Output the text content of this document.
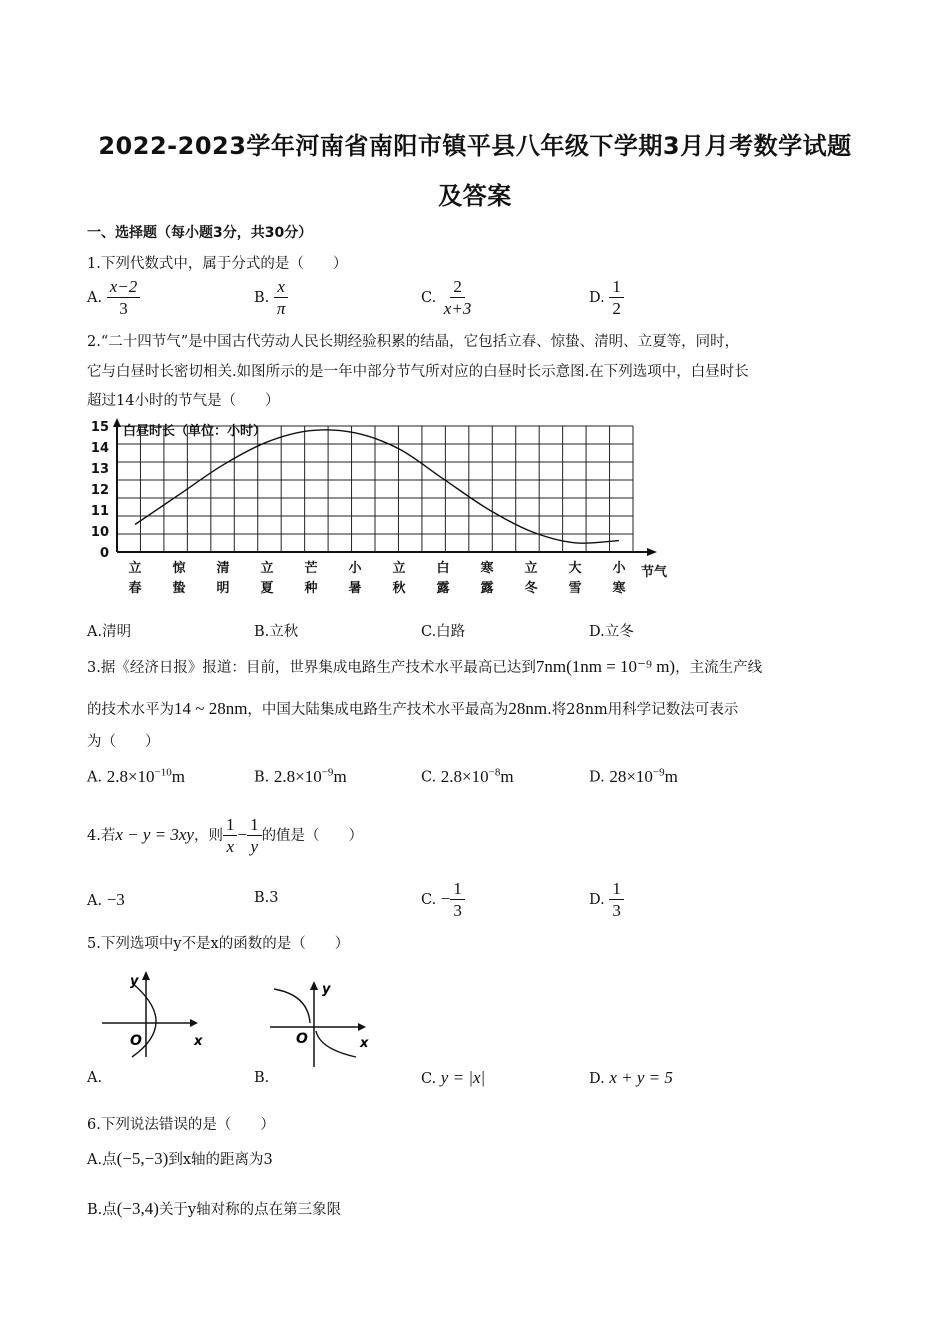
2022-2023学年河南省南阳市镇平县八年级下学期3月月考数学试题
及答案
一、选择题（每小题3分，共30分）
1.下列代数式中，属于分式的是（　　）
A. $\frac{x-2}{3}$	B. $\frac{x}{\pi}$	C. $\frac{2}{x+3}$	D. $\frac{1}{2}$
2.“二十四节气”是中国古代劳动人民长期经验积累的结晶，它包括立春、惊蛰、清明、立夏等，同时，
它与白昼时长密切相关.如图所示的是一年中部分节气所对应的白昼时长示意图.在下列选项中，白昼时长
超过14小时的节气是（　　）
15
14
13
12
11
10
0
立
春
惊
蛰
清
明
立
夏
芒
种
小
暑
立
秋
白
露
寒
露
立
冬
大
雪
小
寒
白昼时长（单位：小时）
节气
A.清明	B.立秋	C.白路	D.立冬
3.据《经济日报》报道：目前，世界集成电路生产技术水平最高已达到7nm(1nm = 10⁻⁹ m)，主流生产线
的技术水平为14 ~ 28nm，中国大陆集成电路生产技术水平最高为28nm.将28nm用科学记数法可表示
为（　　）
A. $2.8\times 10^{-10}m$	B. $2.8\times 10^{-9}m$	C. $2.8\times 10^{-8}m$	D. $28\times 10^{-9}m$
4.若x − y = 3xy，则 $\frac{1}{x} - \frac{1}{y}$ 的值是（　　）
A. −3	B.3	C. − $\frac{1}{3}$	D. $\frac{1}{3}$
5.下列选项中y不是x的函数的是（　　）
y
x
O
y
x
O
A.	B.	C. y = |x|	D. x + y = 5
6.下列说法错误的是（　　）
A.点(−5,−3)到x轴的距离为3
B.点(−3,4)关于y轴对称的点在第三象限
